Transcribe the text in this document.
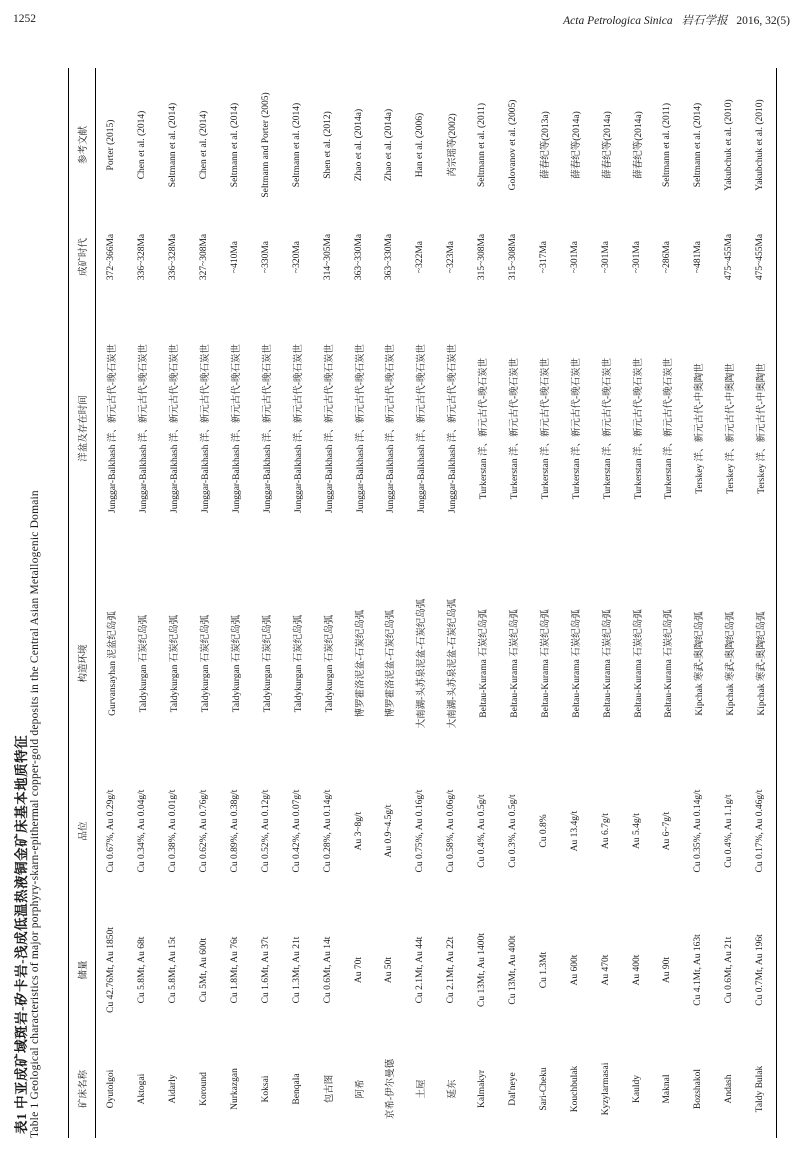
1252	Acta Petrologica Sinica 岩石学报 2016, 32(5)
表1 中亚成矿域斑岩-矽卡岩-浅成低温热液铜金矿床基本地质特征 Table 1 Geological characteristics of major porphyry-skarn-epithermal copper-gold deposits in the Central Asian Metallogenic Domain	矿床名称	储量	品位	构造环境	洋盆及存在时间	成矿时代	参考文献
Oyutolgoi	Cu 42.76Mt, Au 1850t	Cu 0.67%, Au 0.29g/t	Gurvansayhan 泥盆纪岛弧	Junggar-Balkhash 洋、新元古代-晚石炭世	372~366Ma	Porter (2015)
Aktogai	Cu 5.8Mt, Au 68t	Cu 0.34%, Au 0.04g/t	Taldykurgan 石炭纪岛弧	Junggar-Balkhash 洋、新元古代-晚石炭世	336~328Ma	Chen et al. (2014)
Aidarly	Cu 5.8Mt, Au 15t	Cu 0.38%, Au 0.01g/t	Taldykurgan 石炭纪岛弧	Junggar-Balkhash 洋、新元古代-晚石炭世	336~328Ma	Seltmann et al. (2014)
Koround	Cu 5Mt, Au 600t	Cu 0.62%, Au 0.76g/t	Taldykurgan 石炭纪岛弧	Junggar-Balkhash 洋、新元古代-晚石炭世	327~308Ma	Chen et al. (2014)
Nurkazgan	Cu 1.8Mt, Au 76t	Cu 0.89%, Au 0.38g/t	Taldykurgan 石炭纪岛弧	Junggar-Balkhash 洋、新元古代-晚石炭世	~410Ma	Seltmann et al. (2014)
Koksai	Cu 1.6Mt, Au 37t	Cu 0.52%, Au 0.12g/t	Taldykurgan 石炭纪岛弧	Junggar-Balkhash 洋、新元古代-晚石炭世	~330Ma	Seltmann and Porter (2005)
Benqala	Cu 1.3Mt, Au 21t	Cu 0.42%, Au 0.07g/t	Taldykurgan 石炭纪岛弧	Junggar-Balkhash 洋、新元古代-晚石炭世	~320Ma	Seltmann et al. (2014)
包古图	Cu 0.6Mt, Au 14t	Cu 0.28%, Au 0.14g/t	Taldykurgan 石炭纪岛弧	Junggar-Balkhash 洋、新元古代-晚石炭世	314~305Ma	Shen et al. (2012)
阿希	Au 70t	Au 3~8g/t	博罗霍洛泥盆-石炭纪岛弧	Junggar-Balkhash 洋、新元古代-晚石炭世	363~330Ma	Zhao et al. (2014a)
京希-伊尔曼德	Au 50t	Au 0.9~4.5g/t	博罗霍洛泥盆-石炭纪岛弧	Junggar-Balkhash 洋、新元古代-晚石炭世	363~330Ma	Zhao et al. (2014a)
土屋	Cu 2.1Mt, Au 44t	Cu 0.75%, Au 0.16g/t	大南湖-头苏泉泥盆-石炭纪岛弧	Junggar-Balkhash 洋、新元古代-晚石炭世	~322Ma	Han et al. (2006)
延东	Cu 2.1Mt, Au 22t	Cu 0.58%, Au 0.06g/t	大南湖-头苏泉泥盆-石炭纪岛弧	Junggar-Balkhash 洋、新元古代-晚石炭世	~323Ma	芮宗瑶等(2002)
Kalmakyr	Cu 13Mt, Au 1400t	Cu 0.4%, Au 0.5g/t	Beltau-Kurama 石炭纪岛弧	Turkerstan 洋、新元古代-晚石炭世	315~308Ma	Seltmann et al. (2011)
Dal'neye	Cu 13Mt, Au 400t	Cu 0.3%, Au 0.5g/t	Beltau-Kurama 石炭纪岛弧	Turkerstan 洋、新元古代-晚石炭世	315~308Ma	Golovanov et al. (2005)
Sari-Cheku	Cu 1.3Mt	Cu 0.8%	Beltau-Kurama 石炭纪岛弧	Turkerstan 洋、新元古代-晚石炭世	~317Ma	薛春纪等(2013a)
Kouchbulak	Au 600t	Au 13.4g/t	Beltau-Kurama 石炭纪岛弧	Turkerstan 洋、新元古代-晚石炭世	~301Ma	薛春纪等(2014a)
Kyzylarmasai	Au 470t	Au 6.7g/t	Beltau-Kurama 石炭纪岛弧	Turkerstan 洋、新元古代-晚石炭世	~301Ma	薛春纪等(2014a)
Kauldy	Au 400t	Au 5.4g/t	Beltau-Kurama 石炭纪岛弧	Turkerstan 洋、新元古代-晚石炭世	~301Ma	薛春纪等(2014a)
Maknal	Au 90t	Au 6~7g/t	Beltau-Kurama 石炭纪岛弧	Turkerstan 洋、新元古代-晚石炭世	~286Ma	Seltmann et al. (2011)
Bozshakol	Cu 4.1Mt, Au 163t	Cu 0.35%, Au 0.14g/t	Kipchak 寒武-奥陶纪岛弧	Terskey 洋、新元古代-中奥陶世	~481Ma	Seltmann et al. (2014)
Andash	Cu 0.6Mt, Au 21t	Cu 0.4%, Au 1.1g/t	Kipchak 寒武-奥陶纪岛弧	Terskey 洋、新元古代-中奥陶世	475~455Ma	Yakubchuk et al. (2010)
Taldy Bulak	Cu 0.7Mt, Au 196t	Cu 0.17%, Au 0.46g/t	Kipchak 寒武-奥陶纪岛弧	Terskey 洋、新元古代-中奥陶世	475~455Ma	Yakubchuk et al. (2010)
